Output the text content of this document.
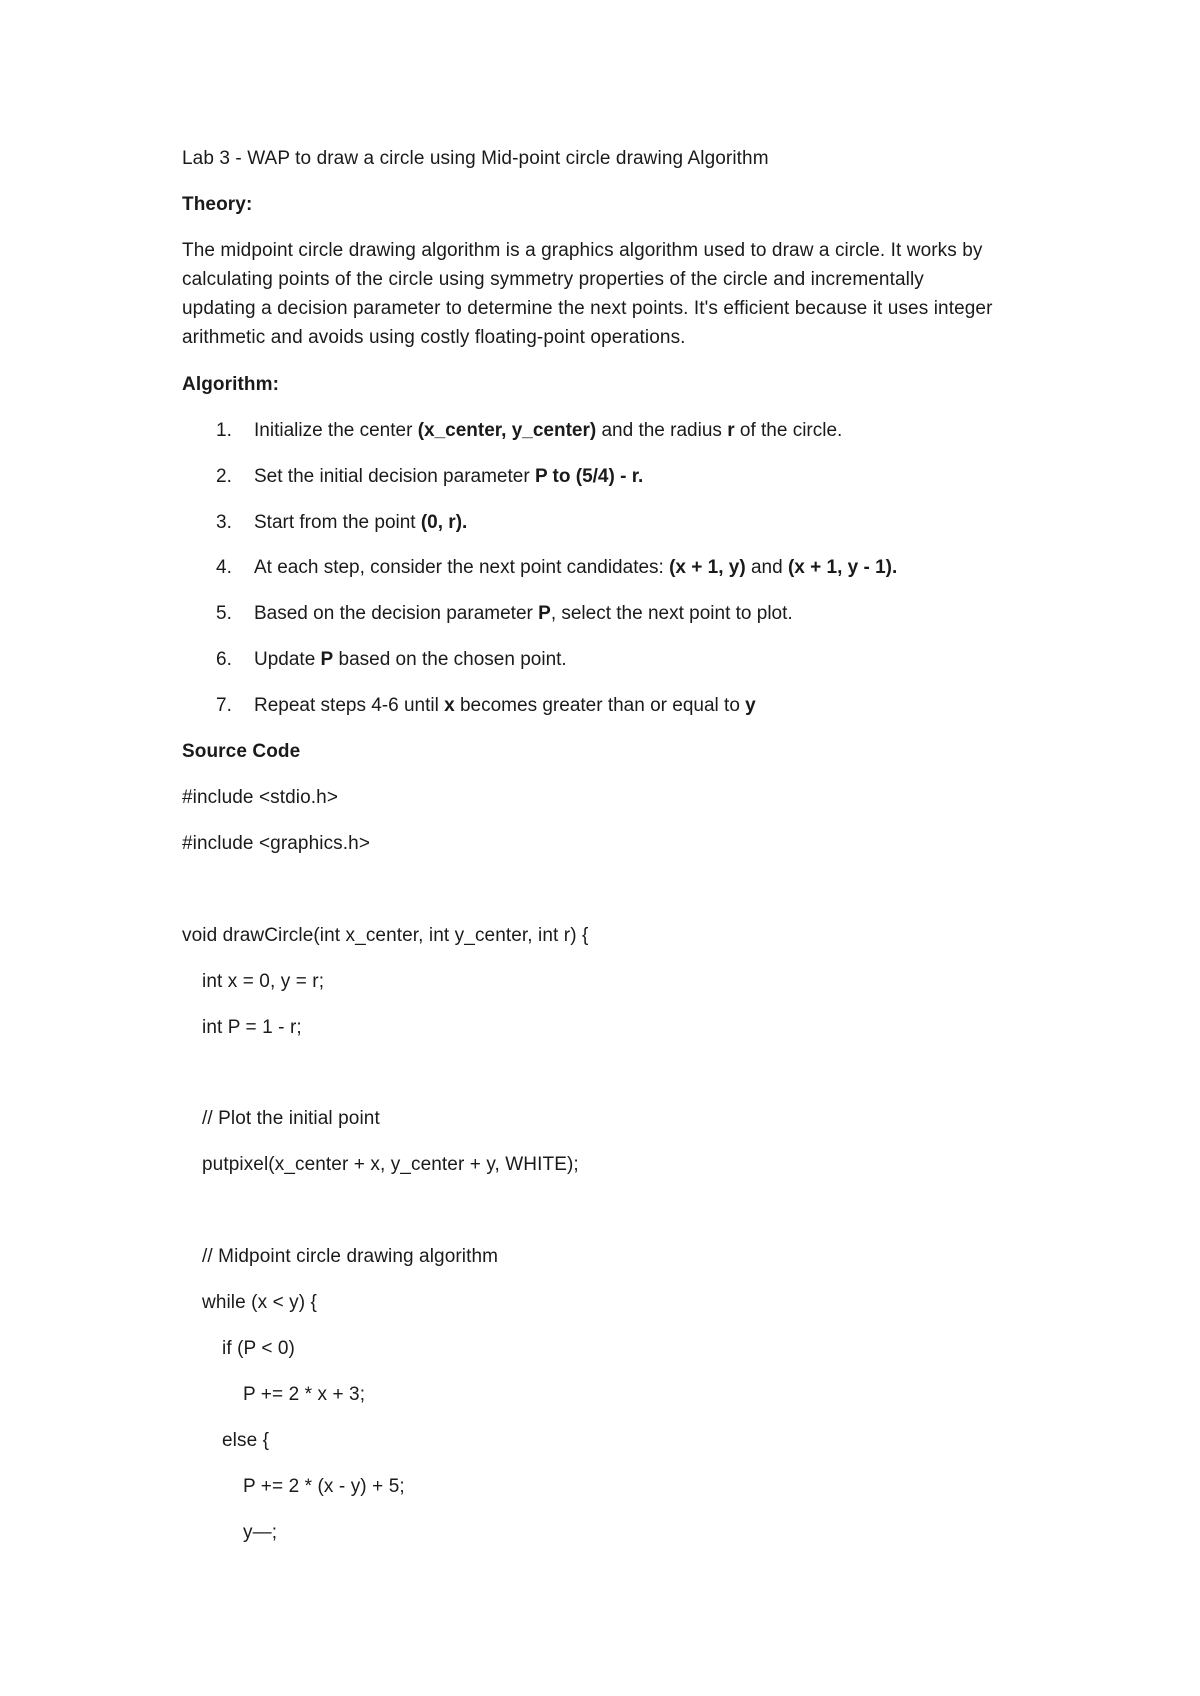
Lab 3 - WAP to draw a circle using Mid-point circle drawing Algorithm
Theory:
The midpoint circle drawing algorithm is a graphics algorithm used to draw a circle. It works by
calculating points of the circle using symmetry properties of the circle and incrementally
updating a decision parameter to determine the next points. It's efficient because it uses integer
arithmetic and avoids using costly floating-point operations.
Algorithm:
1.	Initialize the center (x_center, y_center) and the radius r of the circle.
2.	Set the initial decision parameter P to (5/4) - r.
3.	Start from the point (0, r).
4.	At each step, consider the next point candidates: (x + 1, y) and (x + 1, y - 1).
5.	Based on the decision parameter P, select the next point to plot.
6.	Update P based on the chosen point.
7.	Repeat steps 4-6 until x becomes greater than or equal to y
Source Code
#include <stdio.h>
#include <graphics.h>
void drawCircle(int x_center, int y_center, int r) {
int x = 0, y = r;
int P = 1 - r;
// Plot the initial point
putpixel(x_center + x, y_center + y, WHITE);
// Midpoint circle drawing algorithm
while (x < y) {
if (P < 0)
P += 2 * x + 3;
else {
P += 2 * (x - y) + 5;
y—;
